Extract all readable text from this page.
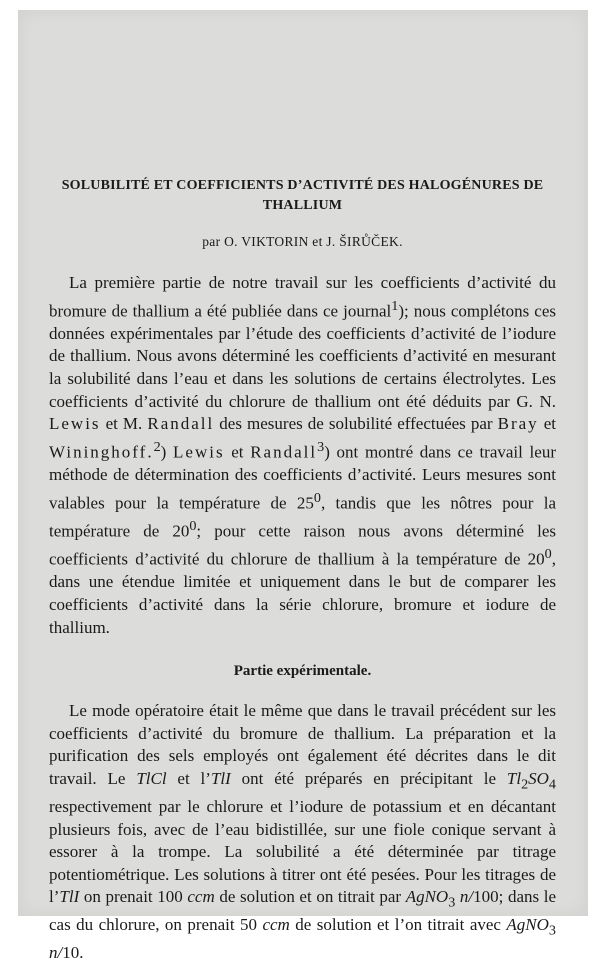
SOLUBILITÉ ET COEFFICIENTS D’ACTIVITÉ DES HALOGÉNURES DE THALLIUM
par O. VIKTORIN et J. ŠIRŮČEK.

La première partie de notre travail sur les coefficients d’activité du bromure de thallium a été publiée dans ce journal$^1$); nous complétons ces données expérimentales par l’étude des coefficients d’activité de l’iodure de thallium. Nous avons déterminé les coefficients d’activité en mesurant la solubilité dans l’eau et dans les solutions de certains électrolytes. Les coefficients d’activité du chlorure de thallium ont été déduits par G. N. Lewis et M. Randall des mesures de solubilité effectuées par Bray et Wininghoff.$^2$) Lewis et Randall$^3$) ont montré dans ce travail leur méthode de détermination des coefficients d’activité. Leurs mesures sont valables pour la température de $25^0$, tandis que les nôtres pour la température de $20^0$; pour cette raison nous avons déterminé les coefficients d’activité du chlorure de thallium à la température de $20^0$, dans une étendue limitée et uniquement dans le but de comparer les coefficients d’activité dans la série chlorure, bromure et iodure de thallium.

Partie expérimentale.

Le mode opératoire était le même que dans le travail précédent sur les coefficients d’activité du bromure de thallium. La préparation et la purification des sels employés ont également été décrites dans le dit travail. Le TlCl et l’TlI ont été préparés en précipitant le $Tl_2SO_4$ respectivement par le chlorure et l’iodure de potassium et en décantant plusieurs fois, avec de l’eau bidistillée, sur une fiole conique servant à essorer à la trompe. La solubilité a été déterminée par titrage potentiométrique. Les solutions à titrer ont été pesées. Pour les titrages de l’TlI on prenait 100 ccm de solution et on titrait par AgNO$_3$ n/100; dans le cas du chlorure, on prenait 50 ccm de solution et l’on titrait avec AgNO$_3$ n/10.
